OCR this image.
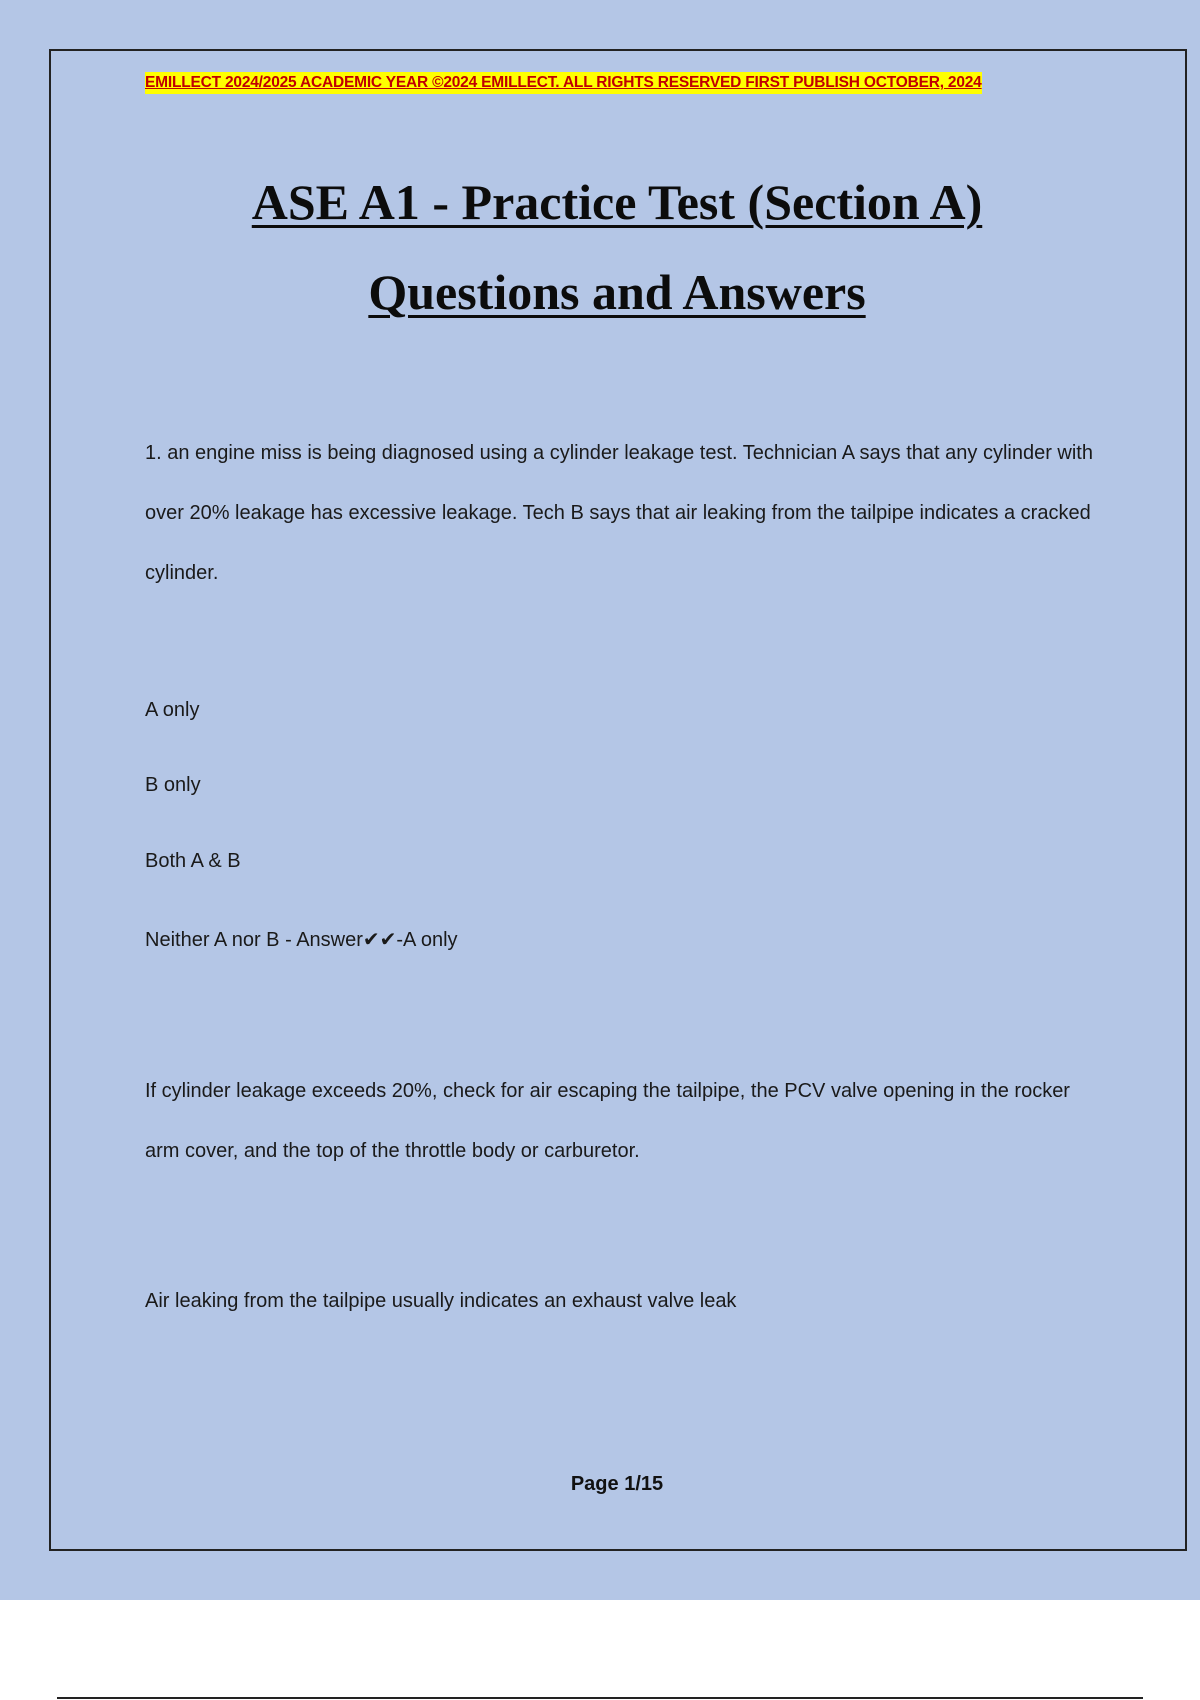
EMILLECT 2024/2025 ACADEMIC YEAR ©2024 EMILLECT. ALL RIGHTS RESERVED FIRST PUBLISH OCTOBER, 2024
ASE A1 - Practice Test (Section A)
Questions and Answers
1. an engine miss is being diagnosed using a cylinder leakage test. Technician A says that any cylinder with over 20% leakage has excessive leakage. Tech B says that air leaking from the tailpipe indicates a cracked cylinder.
A only
B only
Both A & B
Neither A nor B - Answer✔✔-A only
If cylinder leakage exceeds 20%, check for air escaping the tailpipe, the PCV valve opening in the rocker arm cover, and the top of the throttle body or carburetor.
Air leaking from the tailpipe usually indicates an exhaust valve leak
Page 1/15
